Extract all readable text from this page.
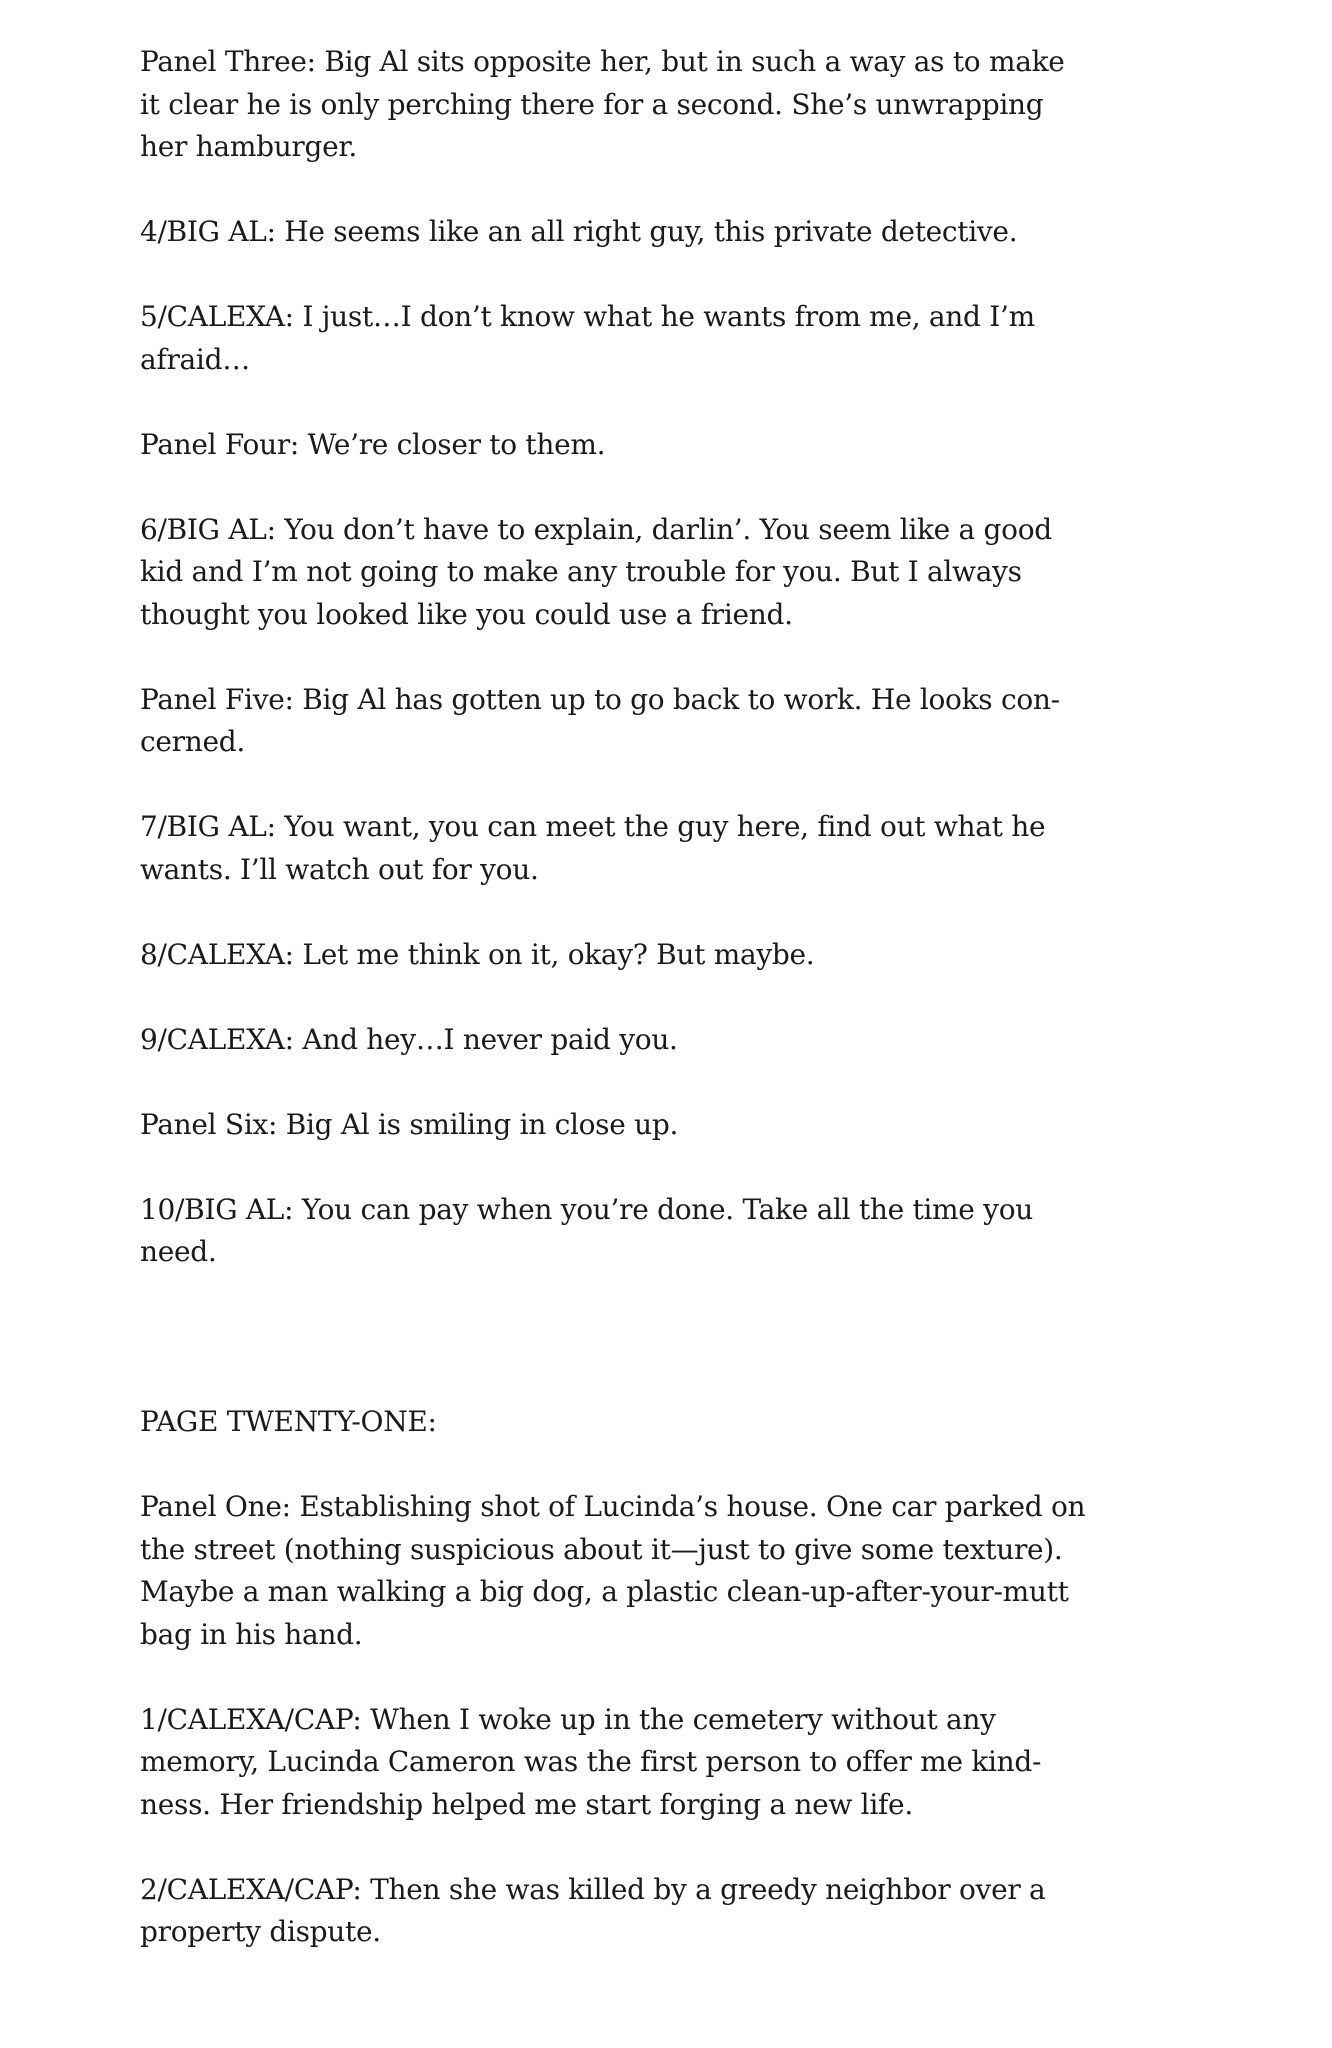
Panel Three: Big Al sits opposite her, but in such a way as to make
it clear he is only perching there for a second. She’s unwrapping
her hamburger.
4/BIG AL: He seems like an all right guy, this private detective.
5/CALEXA: I just…I don’t know what he wants from me, and I’m
afraid…
Panel Four: We’re closer to them.
6/BIG AL: You don’t have to explain, darlin’. You seem like a good
kid and I’m not going to make any trouble for you. But I always
thought you looked like you could use a friend.
Panel Five: Big Al has gotten up to go back to work. He looks con-
cerned.
7/BIG AL: You want, you can meet the guy here, find out what he
wants. I’ll watch out for you.
8/CALEXA: Let me think on it, okay? But maybe.
9/CALEXA: And hey…I never paid you.
Panel Six: Big Al is smiling in close up.
10/BIG AL: You can pay when you’re done. Take all the time you
need.
PAGE TWENTY-ONE:
Panel One: Establishing shot of Lucinda’s house. One car parked on
the street (nothing suspicious about it—just to give some texture).
Maybe a man walking a big dog, a plastic clean-up-after-your-mutt
bag in his hand.
1/CALEXA/CAP: When I woke up in the cemetery without any
memory, Lucinda Cameron was the first person to offer me kind-
ness. Her friendship helped me start forging a new life.
2/CALEXA/CAP: Then she was killed by a greedy neighbor over a
property dispute.
